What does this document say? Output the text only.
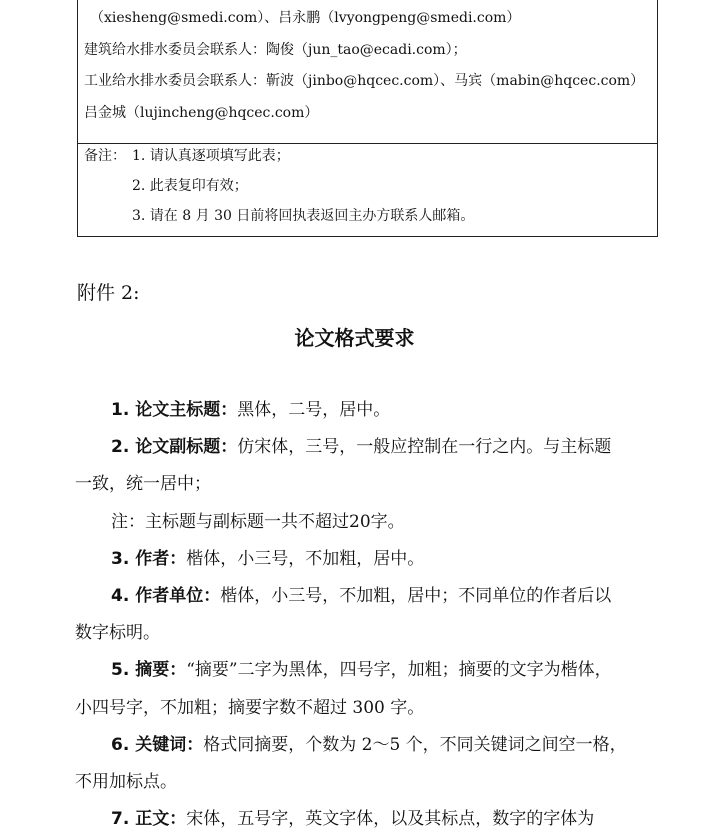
（xiesheng@smedi.com）、吕永鹏（lvyongpeng@smedi.com）
建筑给水排水委员会联系人：陶俊（jun_tao@ecadi.com）；
工业给水排水委员会联系人：靳波（jinbo@hqcec.com）、马宾（mabin@hqcec.com）
吕金城（lujincheng@hqcec.com）
备注： 1. 请认真逐项填写此表；
2. 此表复印有效；
3. 请在 8 月 30 日前将回执表返回主办方联系人邮箱。
附件 2:
论文格式要求
1. 论文主标题：黑体，二号，居中。
2. 论文副标题：仿宋体，三号，一般应控制在一行之内。与主标题
一致，统一居中；
注：主标题与副标题一共不超过20字。
3. 作者：楷体，小三号，不加粗，居中。
4. 作者单位：楷体，小三号，不加粗，居中；不同单位的作者后以
数字标明。
5. 摘要：“摘要”二字为黑体，四号字，加粗；摘要的文字为楷体，
小四号字，不加粗；摘要字数不超过 300 字。
6. 关键词：格式同摘要，个数为 2～5 个，不同关键词之间空一格，
不用加标点。
7. 正文：宋体，五号字，英文字体，以及其标点，数字的字体为
